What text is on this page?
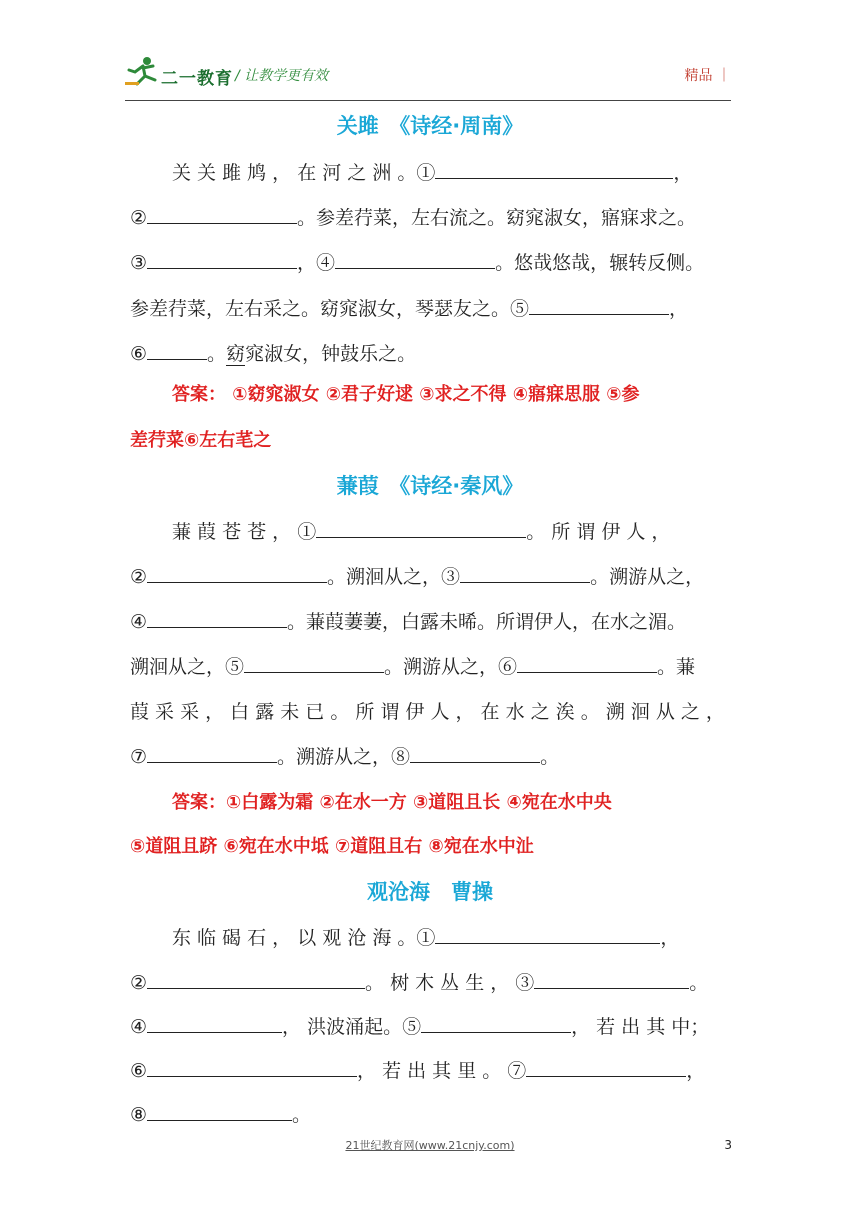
二一教育 / 让教学更有效	精品 ｜
关雎　《诗经·周南》
关 关 雎 鸠 ， 在 河 之 洲 。①	，
②	。参差荇菜，左右流之。窈窕淑女，寤寐求之。
③	，④	。悠哉悠哉，辗转反侧。
参差荇菜，左右采之。窈窕淑女，琴瑟友之。⑤	，
⑥	。窈窕淑女，钟鼓乐之。
答案： ①窈窕淑女 ②君子好逑 ③求之不得 ④寤寐思服 ⑤参
差荇菜⑥左右芼之
蒹葭　《诗经·秦风》
蒹 葭 苍 苍 ， ①	。 所 谓 伊 人 ，
②	。溯洄从之，③	。溯游从之，
④	。蒹葭萋萋，白露未晞。所谓伊人，在水之湄。
溯洄从之，⑤	。溯游从之，⑥	。蒹
葭 采 采 ， 白 露 未 已 。 所 谓 伊 人 ， 在 水 之 涘 。 溯 洄 从 之 ，
⑦	。溯游从之，⑧	。
答案：①白露为霜 ②在水一方 ③道阻且长 ④宛在水中央
⑤道阻且跻 ⑥宛在水中坻 ⑦道阻且右 ⑧宛在水中沚
观沧海　曹操
东 临 碣 石 ， 以 观 沧 海 。①	，
②	。 树 木 丛 生 ， ③	。
④	， 洪波涌起。⑤	， 若 出 其 中；
⑥	， 若 出 其 里 。 ⑦	，
⑧	。
21世纪教育网(www.21cnjy.com)	3
